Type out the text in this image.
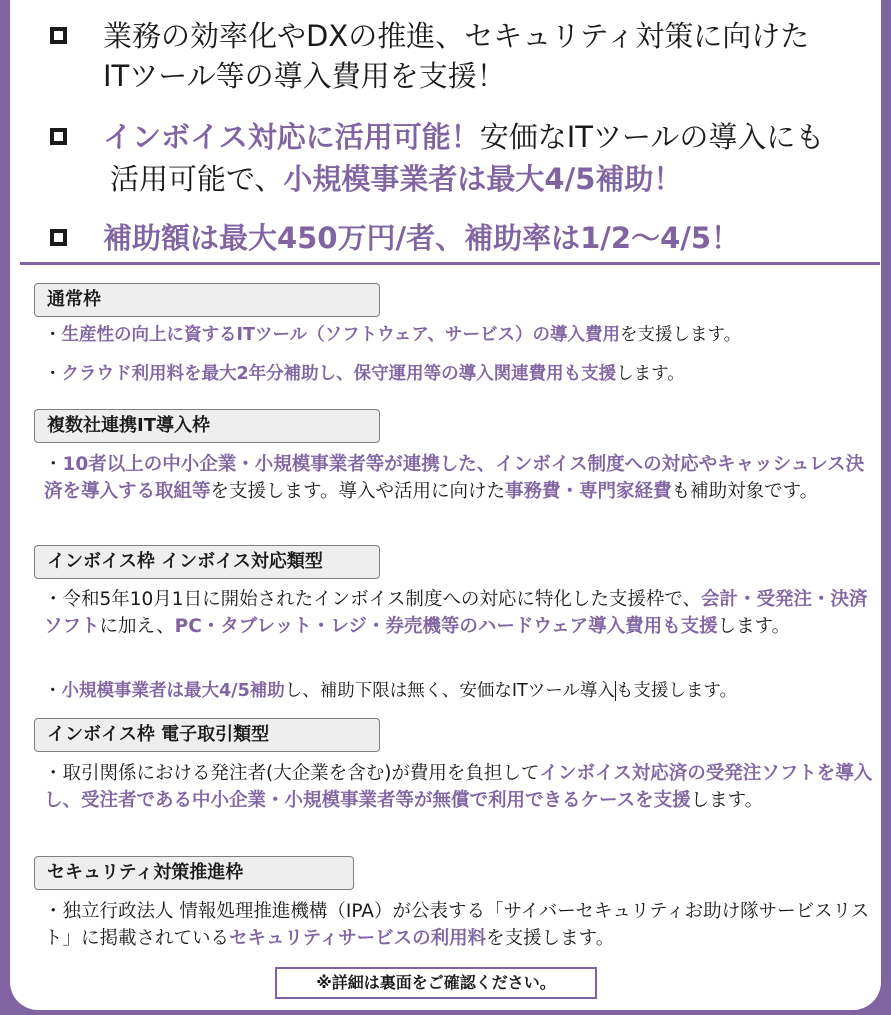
業務の効率化やDXの推進、セキュリティ対策に向けた
ITツール等の導入費用を支援！
インボイス対応に活用可能！安価なITツールの導入にも
活用可能で、小規模事業者は最大4/5補助！
補助額は最大450万円/者、補助率は1/2～4/5！
通常枠
・生産性の向上に資するITツール（ソフトウェア、サービス）の導入費用を支援します。
・クラウド利用料を最大2年分補助し、保守運用等の導入関連費用も支援します。
複数社連携IT導入枠
・10者以上の中小企業・小規模事業者等が連携した、インボイス制度への対応やキャッシュレス決済を導入する取組等を支援します。導入や活用に向けた事務費・専門家経費も補助対象です。
インボイス枠 インボイス対応類型
・令和5年10月1日に開始されたインボイス制度への対応に特化した支援枠で、会計・受発注・決済ソフトに加え、PC・タブレット・レジ・券売機等のハードウェア導入費用も支援します。
・小規模事業者は最大4/5補助し、補助下限は無く、安価なITツール導入も支援します。
インボイス枠 電子取引類型
・取引関係における発注者(大企業を含む)が費用を負担してインボイス対応済の受発注ソフトを導入し、受注者である中小企業・小規模事業者等が無償で利用できるケースを支援します。
セキュリティ対策推進枠
・独立行政法人 情報処理推進機構（IPA）が公表する「サイバーセキュリティお助け隊サービスリスト」に掲載されているセキュリティサービスの利用料を支援します。
※詳細は裏面をご確認ください。
